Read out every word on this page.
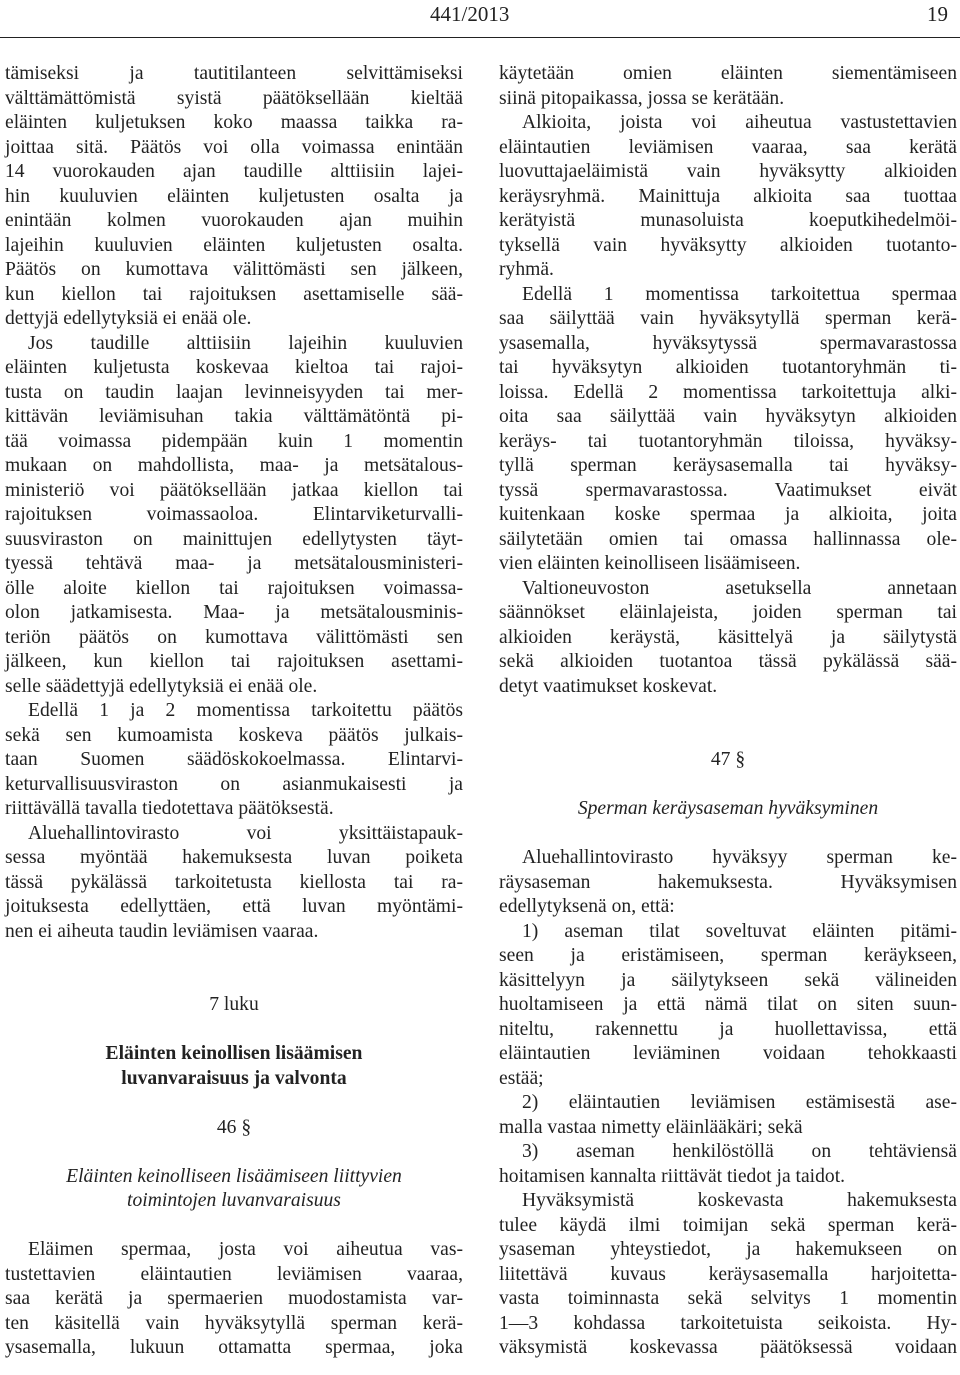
441/2013	19
tämiseksi ja tautitilanteen selvittämiseksi
välttämättömistä syistä päätöksellään kieltää
eläinten kuljetuksen koko maassa taikka ra-
joittaa sitä. Päätös voi olla voimassa enintään
14 vuorokauden ajan taudille alttiisiin lajei-
hin kuuluvien eläinten kuljetusten osalta ja
enintään kolmen vuorokauden ajan muihin
lajeihin kuuluvien eläinten kuljetusten osalta.
Päätös on kumottava välittömästi sen jälkeen,
kun kiellon tai rajoituksen asettamiselle sää-
dettyjä edellytyksiä ei enää ole.
Jos taudille alttiisiin lajeihin kuuluvien
eläinten kuljetusta koskevaa kieltoa tai rajoi-
tusta on taudin laajan levinneisyyden tai mer-
kittävän leviämisuhan takia välttämätöntä pi-
tää voimassa pidempään kuin 1 momentin
mukaan on mahdollista, maa- ja metsätalous-
ministeriö voi päätöksellään jatkaa kiellon tai
rajoituksen voimassaoloa. Elintarviketurvalli-
suusviraston on mainittujen edellytysten täyt-
tyessä tehtävä maa- ja metsätalousministeri-
ölle aloite kiellon tai rajoituksen voimassa-
olon jatkamisesta. Maa- ja metsätalousminis-
teriön päätös on kumottava välittömästi sen
jälkeen, kun kiellon tai rajoituksen asettami-
selle säädettyjä edellytyksiä ei enää ole.
Edellä 1 ja 2 momentissa tarkoitettu päätös
sekä sen kumoamista koskeva päätös julkais-
taan Suomen säädöskokoelmassa. Elintarvi-
keturvallisuusviraston on asianmukaisesti ja
riittävällä tavalla tiedotettava päätöksestä.
Aluehallintovirasto voi yksittäistapauk-
sessa myöntää hakemuksesta luvan poiketa
tässä pykälässä tarkoitetusta kiellosta tai ra-
joituksesta edellyttäen, että luvan myöntämi-
nen ei aiheuta taudin leviämisen vaaraa.
7 luku
Eläinten keinollisen lisäämisen
luvanvaraisuus ja valvonta
46 §
Eläinten keinolliseen lisäämiseen liittyvien
toimintojen luvanvaraisuus
Eläimen spermaa, josta voi aiheutua vas-
tustettavien eläintautien leviämisen vaaraa,
saa kerätä ja spermaerien muodostamista var-
ten käsitellä vain hyväksytyllä sperman kerä-
ysasemalla, lukuun ottamatta spermaa, joka
käytetään omien eläinten siementämiseen
siinä pitopaikassa, jossa se kerätään.
Alkioita, joista voi aiheutua vastustettavien
eläintautien leviämisen vaaraa, saa kerätä
luovuttajaeläimistä vain hyväksytty alkioiden
keräysryhmä. Mainittuja alkioita saa tuottaa
kerätyistä munasoluista koeputkihedelmöi-
tyksellä vain hyväksytty alkioiden tuotanto-
ryhmä.
Edellä 1 momentissa tarkoitettua spermaa
saa säilyttää vain hyväksytyllä sperman kerä-
ysasemalla, hyväksytyssä spermavarastossa
tai hyväksytyn alkioiden tuotantoryhmän ti-
loissa. Edellä 2 momentissa tarkoitettuja alki-
oita saa säilyttää vain hyväksytyn alkioiden
keräys- tai tuotantoryhmän tiloissa, hyväksy-
tyllä sperman keräysasemalla tai hyväksy-
tyssä spermavarastossa. Vaatimukset eivät
kuitenkaan koske spermaa ja alkioita, joita
säilytetään omien tai omassa hallinnassa ole-
vien eläinten keinolliseen lisäämiseen.
Valtioneuvoston asetuksella annetaan
säännökset eläinlajeista, joiden sperman tai
alkioiden keräystä, käsittelyä ja säilytystä
sekä alkioiden tuotantoa tässä pykälässä sää-
detyt vaatimukset koskevat.
47 §
Sperman keräysaseman hyväksyminen
Aluehallintovirasto hyväksyy sperman ke-
räysaseman hakemuksesta. Hyväksymisen
edellytyksenä on, että:
1) aseman tilat soveltuvat eläinten pitämi-
seen ja eristämiseen, sperman keräykseen,
käsittelyyn ja säilytykseen sekä välineiden
huoltamiseen ja että nämä tilat on siten suun-
niteltu, rakennettu ja huollettavissa, että
eläintautien leviäminen voidaan tehokkaasti
estää;
2) eläintautien leviämisen estämisestä ase-
malla vastaa nimetty eläinlääkäri; sekä
3) aseman henkilöstöllä on tehtäviensä
hoitamisen kannalta riittävät tiedot ja taidot.
Hyväksymistä koskevasta hakemuksesta
tulee käydä ilmi toimijan sekä sperman kerä-
ysaseman yhteystiedot, ja hakemukseen on
liitettävä kuvaus keräysasemalla harjoitetta-
vasta toiminnasta sekä selvitys 1 momentin
1—3 kohdassa tarkoitetuista seikoista. Hy-
väksymistä koskevassa päätöksessä voidaan
